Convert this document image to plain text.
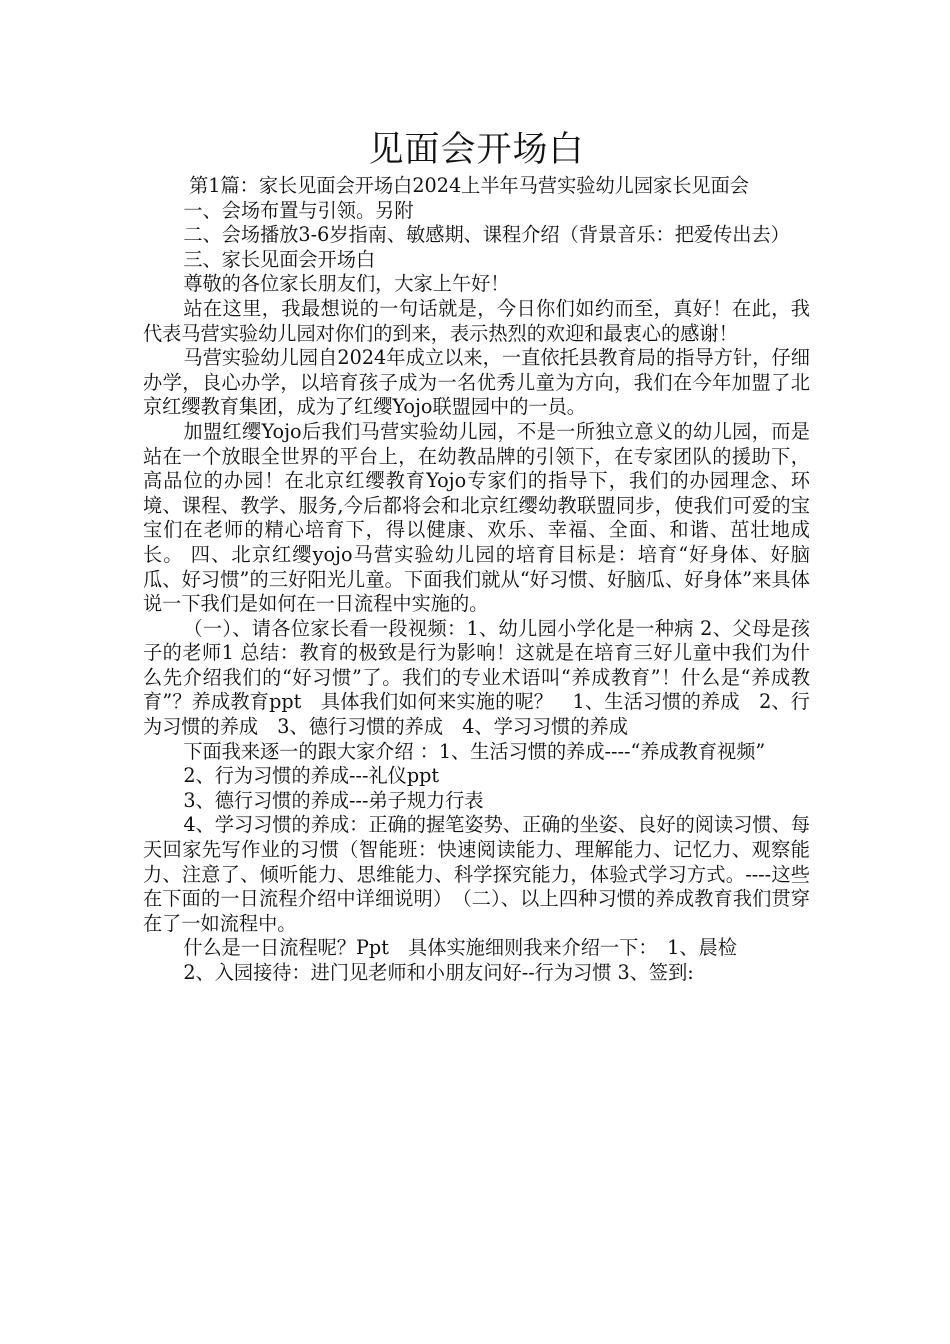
见面会开场白

第1篇：家长见面会开场白2024上半年马营实验幼儿园家长见面会

一、会场布置与引领。另附

二、会场播放3-6岁指南、敏感期、课程介绍（背景音乐：把爱传出去）

三、家长见面会开场白

尊敬的各位家长朋友们，大家上午好！

站在这里，我最想说的一句话就是，今日你们如约而至，真好！在此，我代表马营实验幼儿园对你们的到来，表示热烈的欢迎和最衷心的感谢！

马营实验幼儿园自2024年成立以来，一直依托县教育局的指导方针，仔细办学，良心办学，以培育孩子成为一名优秀儿童为方向，我们在今年加盟了北京红缨教育集团，成为了红缨Yojo联盟园中的一员。

加盟红缨Yojo后我们马营实验幼儿园，不是一所独立意义的幼儿园，而是站在一个放眼全世界的平台上，在幼教品牌的引领下，在专家团队的援助下，高品位的办园！在北京红缨教育Yojo专家们的指导下，我们的办园理念、环境、课程、教学、服务,今后都将会和北京红缨幼教联盟同步，使我们可爱的宝宝们在老师的精心培育下，得以健康、欢乐、幸福、全面、和谐、茁壮地成长。 四、北京红缨yojo马营实验幼儿园的培育目标是：培育“好身体、好脑瓜、好习惯”的三好阳光儿童。下面我们就从“好习惯、好脑瓜、好身体”来具体说一下我们是如何在一日流程中实施的。

（一）、请各位家长看一段视频：1、幼儿园小学化是一种病 2、父母是孩子的老师1 总结：教育的极致是行为影响！这就是在培育三好儿童中我们为什么先介绍我们的“好习惯”了。我们的专业术语叫“养成教育”！什么是“养成教育”？养成教育ppt　具体我们如何来实施的呢？　1、生活习惯的养成　2、行为习惯的养成　3、德行习惯的养成　4、学习习惯的养成

下面我来逐一的跟大家介绍 ：1、生活习惯的养成----“养成教育视频”

2、行为习惯的养成---礼仪ppt

3、德行习惯的养成---弟子规力行表

4、学习习惯的养成：正确的握笔姿势、正确的坐姿、良好的阅读习惯、每天回家先写作业的习惯（智能班：快速阅读能力、理解能力、记忆力、观察能力、注意了、倾听能力、思维能力、科学探究能力，体验式学习方式。----这些在下面的一日流程介绍中详细说明）　（二）、以上四种习惯的养成教育我们贯穿在了一如流程中。

什么是一日流程呢？Ppt　具体实施细则我来介绍一下：　1、晨检

2、入园接待：进门见老师和小朋友问好--行为习惯 3、签到:
